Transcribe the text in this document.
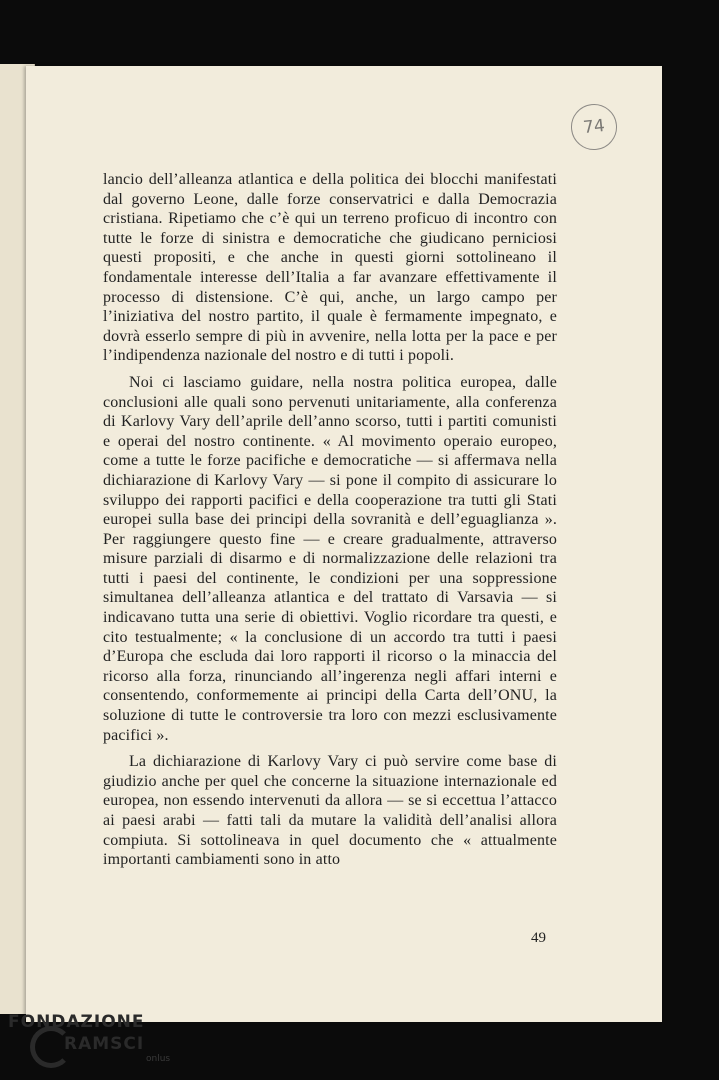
74

lancio dell’alleanza atlantica e della politica dei blocchi manifestati dal governo Leone, dalle forze conservatrici e dalla Democrazia cristiana. Ripetiamo che c’è qui un terreno proficuo di incontro con tutte le forze di sinistra e democratiche che giudicano perniciosi questi propositi, e che anche in questi giorni sottolineano il fondamentale interesse dell’Italia a far avanzare effettivamente il processo di distensione. C’è qui, anche, un largo campo per l’iniziativa del nostro partito, il quale è fermamente impegnato, e dovrà esserlo sempre di più in avvenire, nella lotta per la pace e per l’indipendenza nazionale del nostro e di tutti i popoli.

Noi ci lasciamo guidare, nella nostra politica europea, dalle conclusioni alle quali sono pervenuti unitariamente, alla conferenza di Karlovy Vary dell’aprile dell’anno scorso, tutti i partiti comunisti e operai del nostro continente. « Al movimento operaio europeo, come a tutte le forze pacifiche e democratiche — si affermava nella dichiarazione di Karlovy Vary — si pone il compito di assicurare lo sviluppo dei rapporti pacifici e della cooperazione tra tutti gli Stati europei sulla base dei principi della sovranità e dell’eguaglianza ». Per raggiungere questo fine — e creare gradualmente, attraverso misure parziali di disarmo e di normalizzazione delle relazioni tra tutti i paesi del continente, le condizioni per una soppressione simultanea dell’alleanza atlantica e del trattato di Varsavia — si indicavano tutta una serie di obiettivi. Voglio ricordare tra questi, e cito testualmente; « la conclusione di un accordo tra tutti i paesi d’Europa che escluda dai loro rapporti il ricorso o la minaccia del ricorso alla forza, rinunciando all’ingerenza negli affari interni e consentendo, conformemente ai principi della Carta dell’ONU, la soluzione di tutte le controversie tra loro con mezzi esclusivamente pacifici ».

La dichiarazione di Karlovy Vary ci può servire come base di giudizio anche per quel che concerne la situazione internazionale ed europea, non essendo intervenuti da allora — se si eccettua l’attacco ai paesi arabi — fatti tali da mutare la validità dell’analisi allora compiuta. Si sottolineava in quel documento che « attualmente importanti cambiamenti sono in atto

49
FONDAZIONE
RAMSCI
onlus
